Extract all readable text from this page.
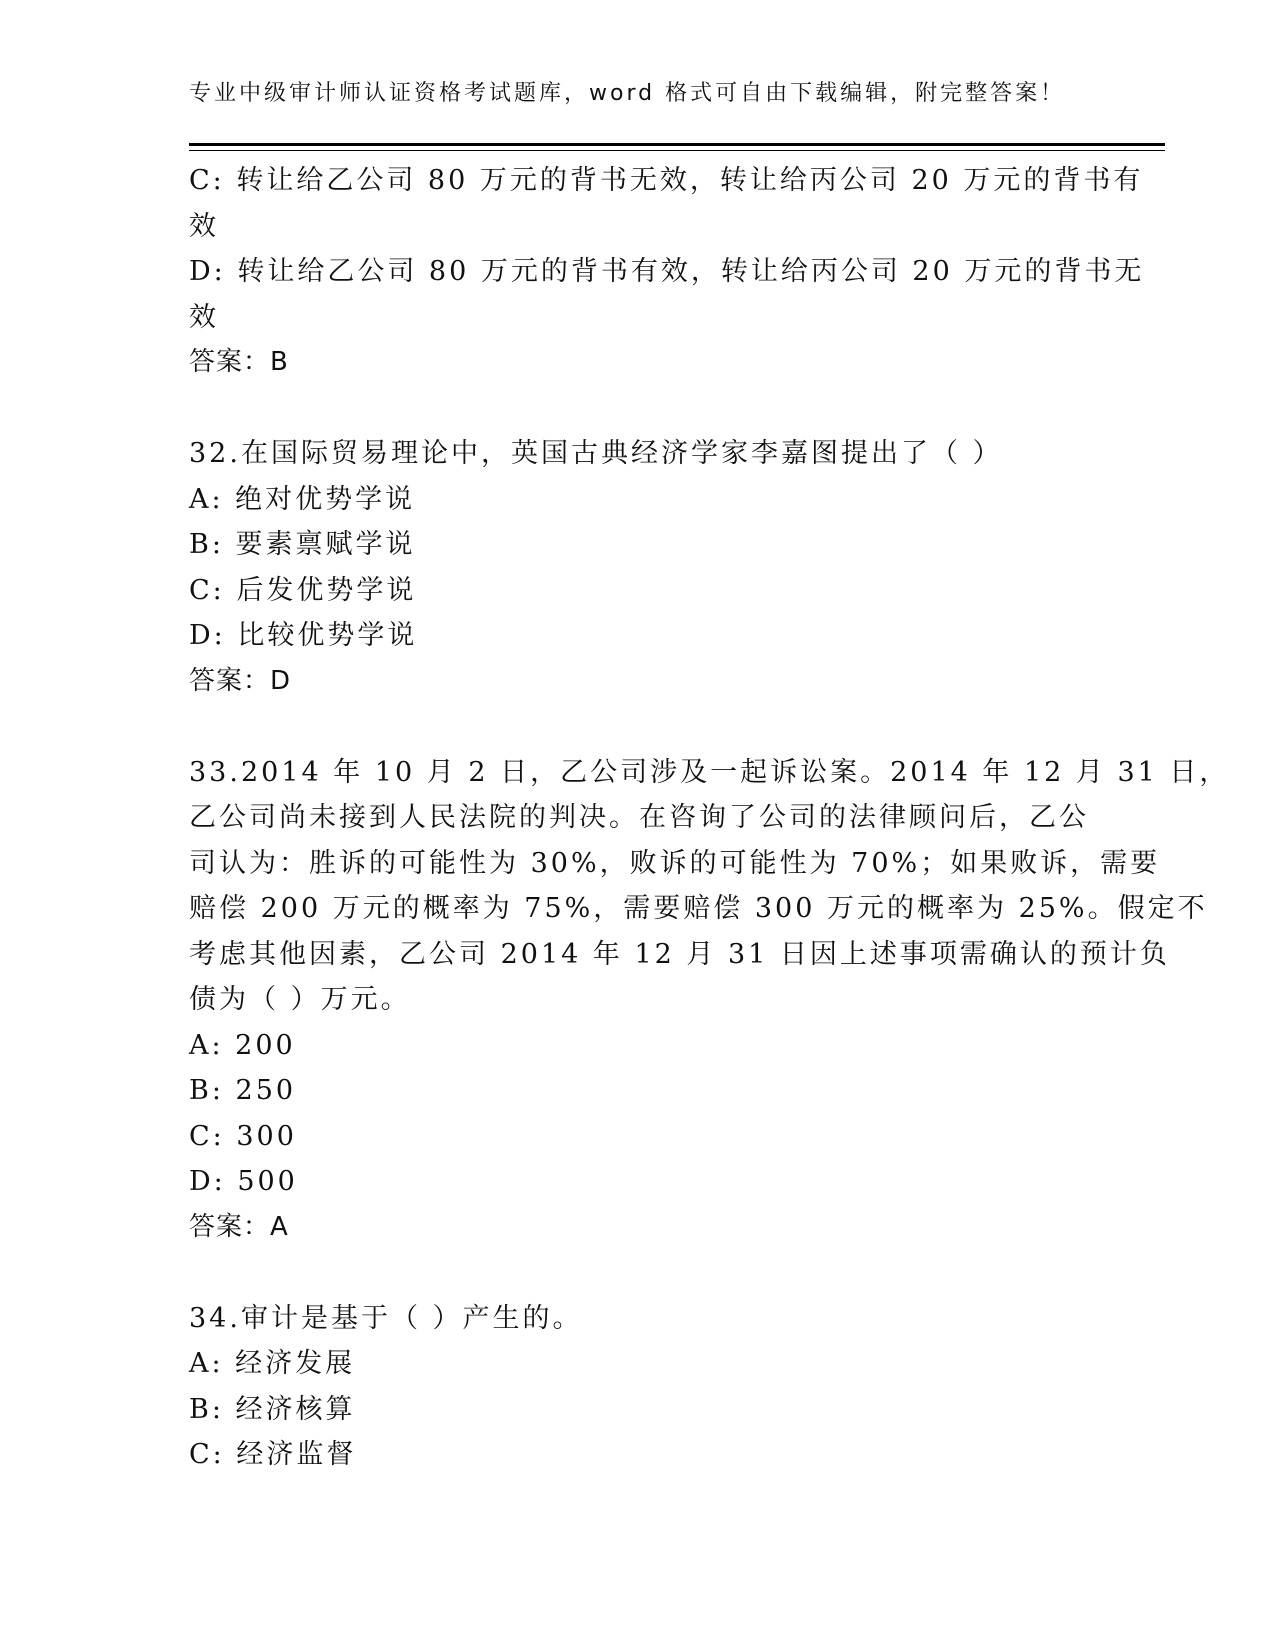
专业中级审计师认证资格考试题库，word 格式可自由下载编辑，附完整答案！
C: 转让给乙公司 80 万元的背书无效，转让给丙公司 20 万元的背书有
效
D: 转让给乙公司 80 万元的背书有效，转让给丙公司 20 万元的背书无
效
答案：B
32.在国际贸易理论中，英国古典经济学家李嘉图提出了（ ）
A: 绝对优势学说
B: 要素禀赋学说
C: 后发优势学说
D: 比较优势学说
答案：D
33.2014 年 10 月 2 日，乙公司涉及一起诉讼案。2014 年 12 月 31 日，
乙公司尚未接到人民法院的判决。在咨询了公司的法律顾问后，乙公
司认为：胜诉的可能性为 30%，败诉的可能性为 70%；如果败诉，需要
赔偿 200 万元的概率为 75%，需要赔偿 300 万元的概率为 25%。假定不
考虑其他因素，乙公司 2014 年 12 月 31 日因上述事项需确认的预计负
债为（ ）万元。
A: 200
B: 250
C: 300
D: 500
答案：A
34.审计是基于（ ）产生的。
A: 经济发展
B: 经济核算
C: 经济监督
